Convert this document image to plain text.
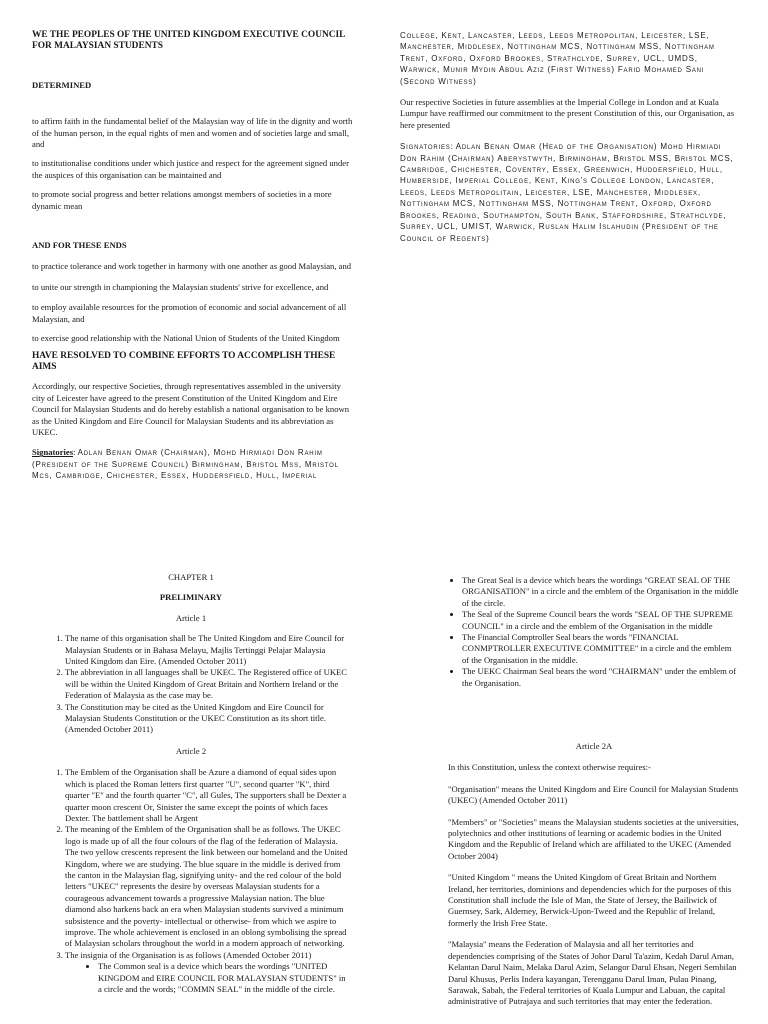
WE THE PEOPLES OF THE UNITED KINGDOM EXECUTIVE COUNCIL FOR MALAYSIAN STUDENTS

DETERMINED

to affirm faith in the fundamental belief of the Malaysian way of life in the dignity and worth of the human person, in the equal rights of men and women and of societies large and small, and

to institutionalise conditions under which justice and respect for the agreement signed under the auspices of this organisation can be maintained and

to promote social progress and better relations amongst members of societies in a more dynamic mean

AND FOR THESE ENDS

to practice tolerance and work together in harmony with one another as good Malaysian, and

to unite our strength in championing the Malaysian students' strive for excellence, and

to employ available resources for the promotion of economic and social advancement of all Malaysian, and

to exercise good relationship with the National Union of Students of the United Kingdom

HAVE RESOLVED TO COMBINE EFFORTS TO ACCOMPLISH THESE AIMS

Accordingly, our respective Societies, through representatives assembled in the university city of Leicester have agreed to the present Constitution of the United Kingdom and Eire Council for Malaysian Students and do hereby establish a national organisation to be known as the United Kingdom and Eire Council for Malaysian Students and its abbreviation as UKEC.

Signatories: Adlan Benan Omar (Chairman), Mohd Hirmiadi Don Rahim (President of the Supreme Council) Birmingham, Bristol Mss, Mristol Mcs, Cambridge, Chichester, Essex, Huddersfield, Hull, Imperial

College, Kent, Lancaster, Leeds, Leeds Metropolitan, Leicester, LSE, Manchester, Middlesex, Nottingham MCS, Nottingham MSS, Nottingham Trent, Oxford, Oxford Brookes, Strathclyde, Surrey, UCL, UMDS, Warwick, Munir Mydin Abdul Aziz (First Witness) Farid Mohamed Sani (Second Witness)

Our respective Societies in future assemblies at the Imperial College in London and at Kuala Lumpur have reaffirmed our commitment to the present Constitution of this, our Organisation, as here presented

Signatories: Adlan Benan Omar (Head of the Organisation) Mohd Hirmiadi Don Rahim (Chairman) Aberystwyth, Birmingham, Bristol MSS, Bristol MCS, Cambridge, Chichester, Coventry, Essex, Greenwich, Huddersfield, Hull, Humberside, Imperial College, Kent, King's College London, Lancaster, Leeds, Leeds Metropolitain, Leicester, LSE, Manchester, Middlesex, Nottingham MCS, Nottingham MSS, Nottingham Trent, Oxford, Oxford Brookes, Reading, Southampton, South Bank, Staffordshire, Strathclyde, Surrey, UCL, UMIST, Warwick, Ruslan Halim Islahudin (President of the Council of Regents)

CHAPTER 1

PRELIMINARY

Article 1

1. The name of this organisation shall be The United Kingdom and Eire Council for Malaysian Students or in Bahasa Melayu, Majlis Tertinggi Pelajar Malaysia United Kingdom dan Eire. (Amended October 2011)
2. The abbreviation in all languages shall be UKEC. The Registered office of UKEC will be within the United Kingdom of Great Britain and Northern Ireland or the Federation of Malaysia as the case may be.
3. The Constitution may be cited as the United Kingdom and Eire Council for Malaysian Students Constitution or the UKEC Constitution as its short title. (Amended October 2011)

Article 2

1. The Emblem of the Organisation shall be Azure a diamond of equal sides upon which is placed the Roman letters first quarter "U", second quarter "K", third quarter "E" and the fourth quarter "C", all Gules, The supporters shall be Dexter a quarter moon crescent Or, Sinister the same except the points of which faces Dexter. The battlement shall be Argent
2. The meaning of the Emblem of the Organisation shall be as follows. The UKEC logo is made up of all the four colours of the flag of the federation of Malaysia. The two yellow crescents represent the link between our homeland and the United Kingdom, where we are studying. The blue square in the middle is derived from the canton in the Malaysian flag, signifying unity- and the red colour of the bold letters "UKEC" represents the desire by overseas Malaysian students for a courageous advancement towards a progressive Malaysian nation. The blue diamond also harkens back an era when Malaysian students survived a minimum subsistence and the poverty- intellectual or otherwise- from which we aspire to improve. The whole achievement is enclosed in an oblong symbolising the spread of Malaysian scholars throughout the world in a modern approach of networking.
3. The insignia of the Organisation is as follows (Amended October 2011)
• The Common seal is a device which bears the wordings "UNITED KINGDOM and EIRE COUNCIL FOR MALAYSIAN STUDENTS" in a circle and the words; "COMMN SEAL" in the middle of the circle.
• The Great Seal is a device which bears the wordings "GREAT SEAL OF THE ORGANISATION" in a circle and the emblem of the Organisation in the middle of the circle.
• The Seal of the Supreme Council bears the words "SEAL OF THE SUPREME COUNCIL" in a circle and the emblem of the Organisation in the middle
• The Financial Comptroller Seal bears the words "FINANCIAL CONMPTROLLER EXECUTIVE COMMITTEE" in a circle and the emblem of the Organisation in the middle.
• The UEKC Chairman Seal bears the word "CHAIRMAN" under the emblem of the Organisation.

Article 2A

In this Constitution, unless the context otherwise requires:-

"Organisation" means the United Kingdom and Eire Council for Malaysian Students (UKEC) (Amended October 2011)

"Members" or "Societies" means the Malaysian students societies at the universities, polytechnics and other institutions of learning or academic bodies in the United Kingdom and the Republic of Ireland which are affiliated to the UKEC (Amended October 2004)

"United Kingdom " means the United Kingdom of Great Britain and Northern Ireland, her territories, dominions and dependencies which for the purposes of this Constitution shall include the Isle of Man, the State of Jersey, the Bailiwick of Guernsey, Sark, Alderney, Berwick-Upon-Tweed and the Republic of Ireland, formerly the Irish Free State.

"Malaysia" means the Federation of Malaysia and all her territories and dependencies comprising of the States of Johor Darul Ta'azim, Kedah Darul Aman, Kelantan Darul Naim, Melaka Darul Azim, Selangor Darul Ehsan, Negeri Sembilan Darul Khusus, Perlis Indera kayangan, Terengganu Darul Iman, Pulau Pinang, Sarawak, Sabah, the Federal territories of Kuala Lumpur and Labuan, the capital administrative of Putrajaya and such territories that may enter the federation.
